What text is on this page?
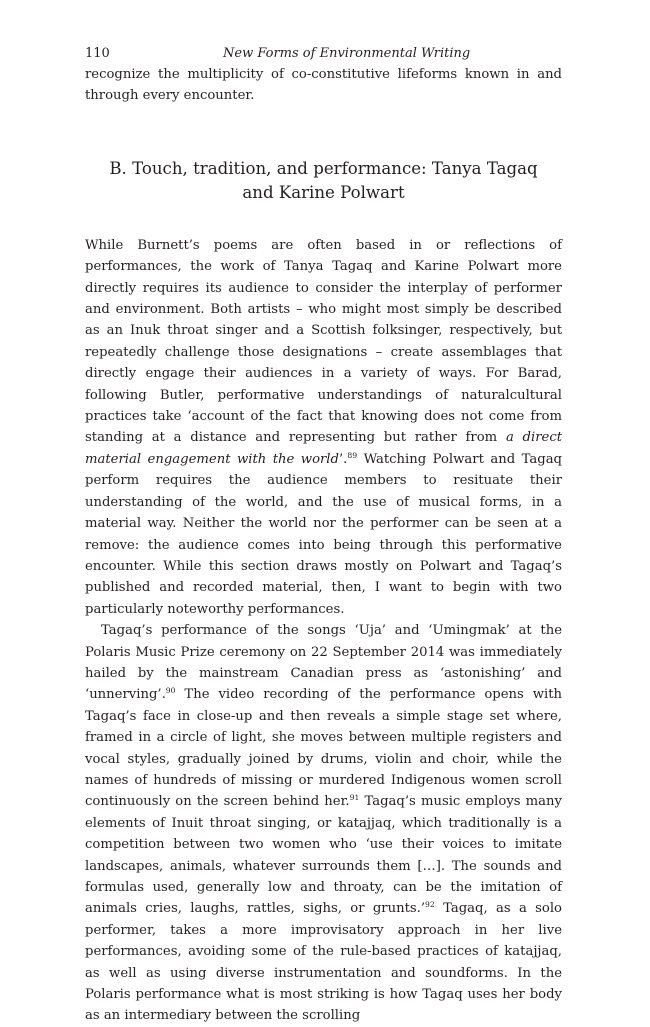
110	New Forms of Environmental Writing

recognize the multiplicity of co-constitutive lifeforms known in and through every encounter.

B. Touch, tradition, and performance: Tanya Tagaq
and Karine Polwart

While Burnett’s poems are often based in or reflections of performances, the work of Tanya Tagaq and Karine Polwart more directly requires its audience to consider the interplay of performer and environment. Both artists – who might most simply be described as an Inuk throat singer and a Scottish folksinger, respectively, but repeatedly challenge those designations – create assemblages that directly engage their audiences in a variety of ways. For Barad, following Butler, performative understandings of naturalcultural practices take ‘account of the fact that knowing does not come from standing at a distance and representing but rather from a direct material engagement with the world’.$^{89}$ Watching Polwart and Tagaq perform requires the audience members to resituate their understanding of the world, and the use of musical forms, in a material way. Neither the world nor the performer can be seen at a remove: the audience comes into being through this performative encounter. While this section draws mostly on Polwart and Tagaq’s published and recorded material, then, I want to begin with two particularly noteworthy performances.

Tagaq’s performance of the songs ‘Uja’ and ‘Umingmak’ at the Polaris Music Prize ceremony on 22 September 2014 was immediately hailed by the mainstream Canadian press as ‘astonishing’ and ‘unnerving’.$^{90}$ The video recording of the performance opens with Tagaq’s face in close-up and then reveals a simple stage set where, framed in a circle of light, she moves between multiple registers and vocal styles, gradually joined by drums, violin and choir, while the names of hundreds of missing or murdered Indigenous women scroll continuously on the screen behind her.$^{91}$ Tagaq’s music employs many elements of Inuit throat singing, or katajjaq, which traditionally is a competition between two women who ‘use their voices to imitate landscapes, animals, whatever surrounds them […]. The sounds and formulas used, generally low and throaty, can be the imitation of animals cries, laughs, rattles, sighs, or grunts.’$^{92}$ Tagaq, as a solo performer, takes a more improvisatory approach in her live performances, avoiding some of the rule-based practices of katajjaq, as well as using diverse instrumentation and soundforms. In the Polaris performance what is most striking is how Tagaq uses her body as an intermediary between the scrolling
